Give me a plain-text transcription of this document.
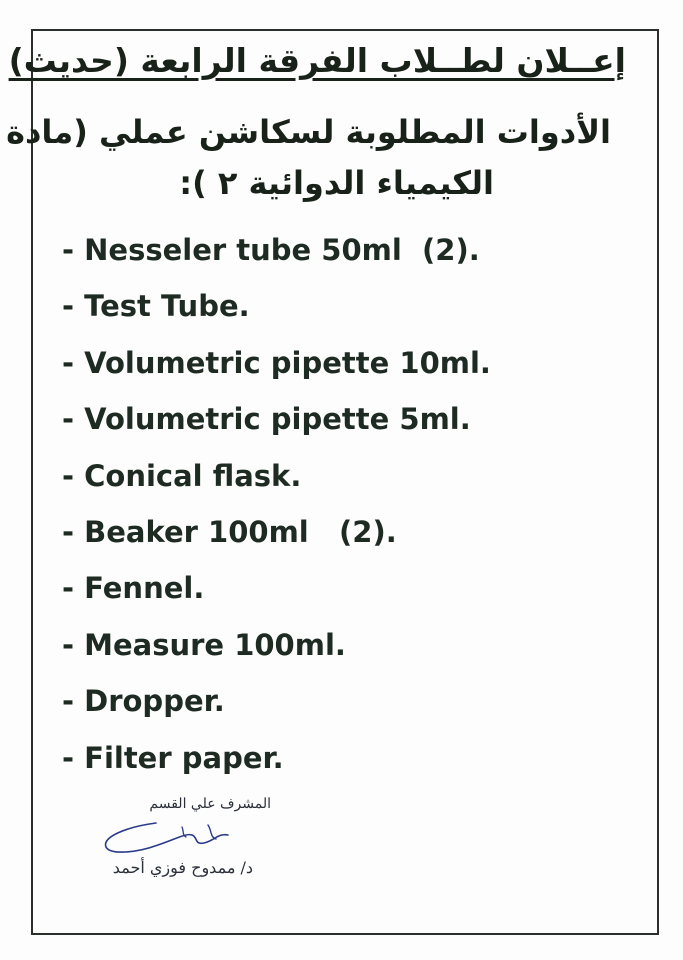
إعــلان لطــلاب الفرقة الرابعة (حديث)
الأدوات المطلوبة لسكاشن عملي (مادة
الكيمياء الدوائية ٢ ):
- Nesseler tube 50ml  (2).
- Test Tube.
- Volumetric pipette 10ml.
- Volumetric pipette 5ml.
- Conical flask.
- Beaker 100ml   (2).
- Fennel.
- Measure 100ml.
- Dropper.
- Filter paper.
المشرف علي القسم
د/ ممدوح فوزي أحمد
